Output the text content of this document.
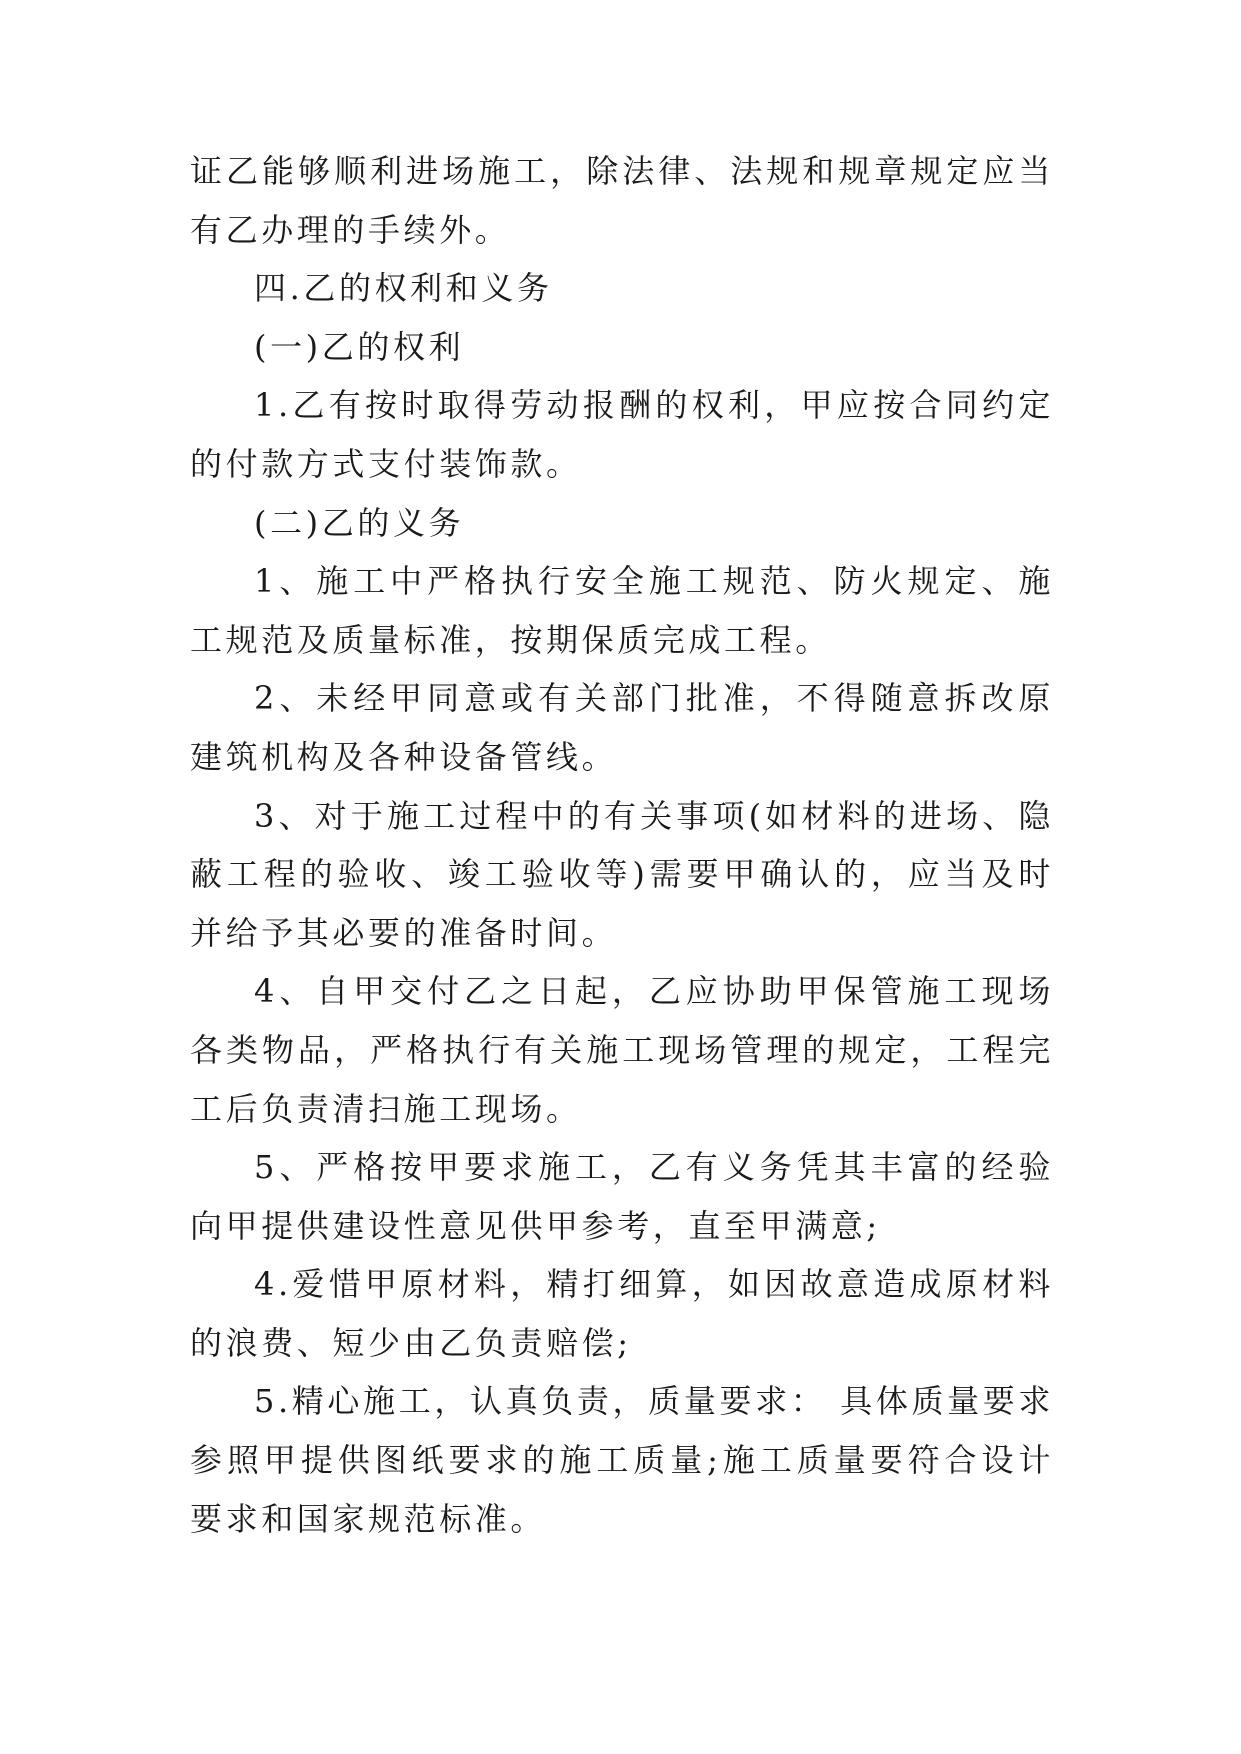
证乙能够顺利进场施工，除法律、法规和规章规定应当有乙办理的手续外。

四.乙的权利和义务

(一)乙的权利

1.乙有按时取得劳动报酬的权利，甲应按合同约定的付款方式支付装饰款。

(二)乙的义务

1、施工中严格执行安全施工规范、防火规定、施工规范及质量标准，按期保质完成工程。

2、未经甲同意或有关部门批准，不得随意拆改原建筑机构及各种设备管线。

3、对于施工过程中的有关事项(如材料的进场、隐蔽工程的验收、竣工验收等)需要甲确认的，应当及时并给予其必要的准备时间。

4、自甲交付乙之日起，乙应协助甲保管施工现场各类物品，严格执行有关施工现场管理的规定，工程完工后负责清扫施工现场。

5、严格按甲要求施工，乙有义务凭其丰富的经验向甲提供建设性意见供甲参考，直至甲满意;

4.爱惜甲原材料，精打细算，如因故意造成原材料的浪费、短少由乙负责赔偿;

5.精心施工，认真负责，质量要求： 具体质量要求参照甲提供图纸要求的施工质量;施工质量要符合设计要求和国家规范标准。
